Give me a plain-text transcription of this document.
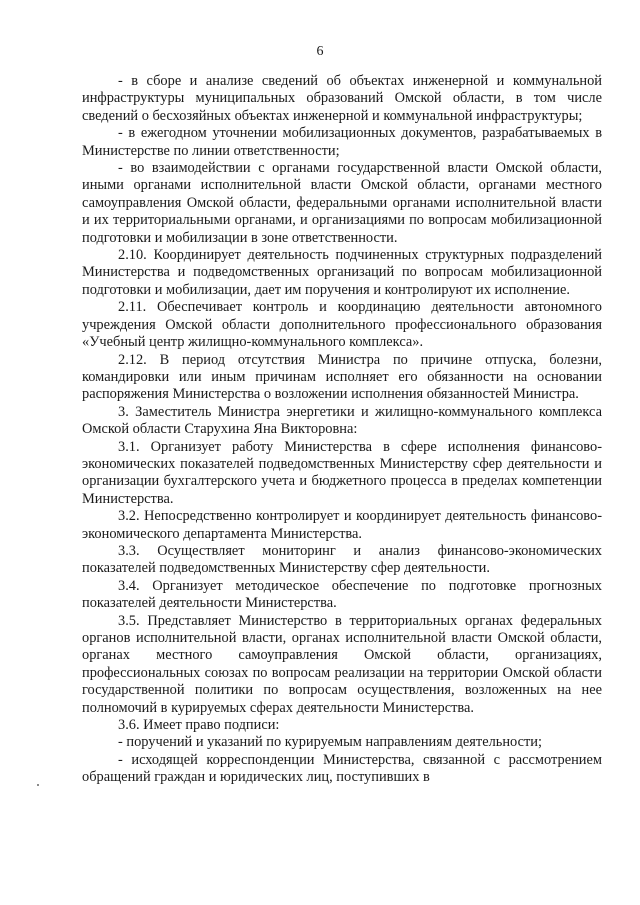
6

- в сборе и анализе сведений об объектах инженерной и коммунальной инфраструктуры муниципальных образований Омской области, в том числе сведений о бесхозяйных объектах инженерной и коммунальной инфраструктуры;

- в ежегодном уточнении мобилизационных документов, разрабатываемых в Министерстве по линии ответственности;

- во взаимодействии с органами государственной власти Омской области, иными органами исполнительной власти Омской области, органами местного самоуправления Омской области, федеральными органами исполнительной власти и их территориальными органами, и организациями по вопросам мобилизационной подготовки и мобилизации в зоне ответственности.

2.10. Координирует деятельность подчиненных структурных подразделений Министерства и подведомственных организаций по вопросам мобилизационной подготовки и мобилизации, дает им поручения и контролируют их исполнение.

2.11. Обеспечивает контроль и координацию деятельности автономного учреждения Омской области дополнительного профессионального образования «Учебный центр жилищно-коммунального комплекса».

2.12. В период отсутствия Министра по причине отпуска, болезни, командировки или иным причинам исполняет его обязанности на основании распоряжения Министерства о возложении исполнения обязанностей Министра.

3. Заместитель Министра энергетики и жилищно-коммунального комплекса Омской области Старухина Яна Викторовна:

3.1. Организует работу Министерства в сфере исполнения финансово-экономических показателей подведомственных Министерству сфер деятельности и организации бухгалтерского учета и бюджетного процесса в пределах компетенции Министерства.

3.2. Непосредственно контролирует и координирует деятельность финансово-экономического департамента Министерства.

3.3. Осуществляет мониторинг и анализ финансово-экономических показателей подведомственных Министерству сфер деятельности.

3.4. Организует методическое обеспечение по подготовке прогнозных показателей деятельности Министерства.

3.5. Представляет Министерство в территориальных органах федеральных органов исполнительной власти, органах исполнительной власти Омской области, органах местного самоуправления Омской области, организациях, профессиональных союзах по вопросам реализации на территории Омской области государственной политики по вопросам осуществления, возложенных на нее полномочий в курируемых сферах деятельности Министерства.

3.6. Имеет право подписи:

- поручений и указаний по курируемым направлениям деятельности;

- исходящей корреспонденции Министерства, связанной с рассмотрением обращений граждан и юридических лиц, поступивших в
